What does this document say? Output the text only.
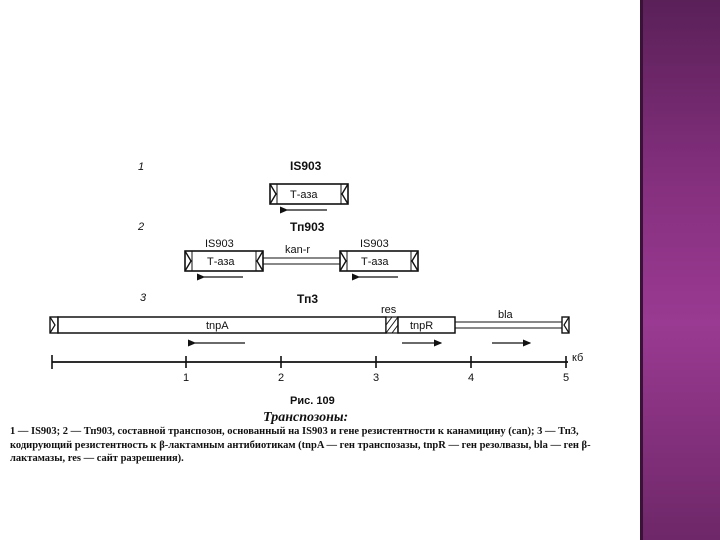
1	IS903
Т-аза
2	Тп903
IS903	kan-r	IS903
Т-аза	Т-аза
3	Тп3
res	bla
tnpA	tnpR
кб
1	2	3	4	5
Рис. 109
Транспозоны:
1 — IS903; 2 — Тп903, составной транспозон, основанный на IS903 и гене резистентности к канамицину (can); 3 — Тп3, кодирующий резистентность к β-лактамным антибиотикам (tnpA — ген транспозазы, tnpR — ген резолвазы, bla — ген β-лактамазы, res — сайт разрешения).
